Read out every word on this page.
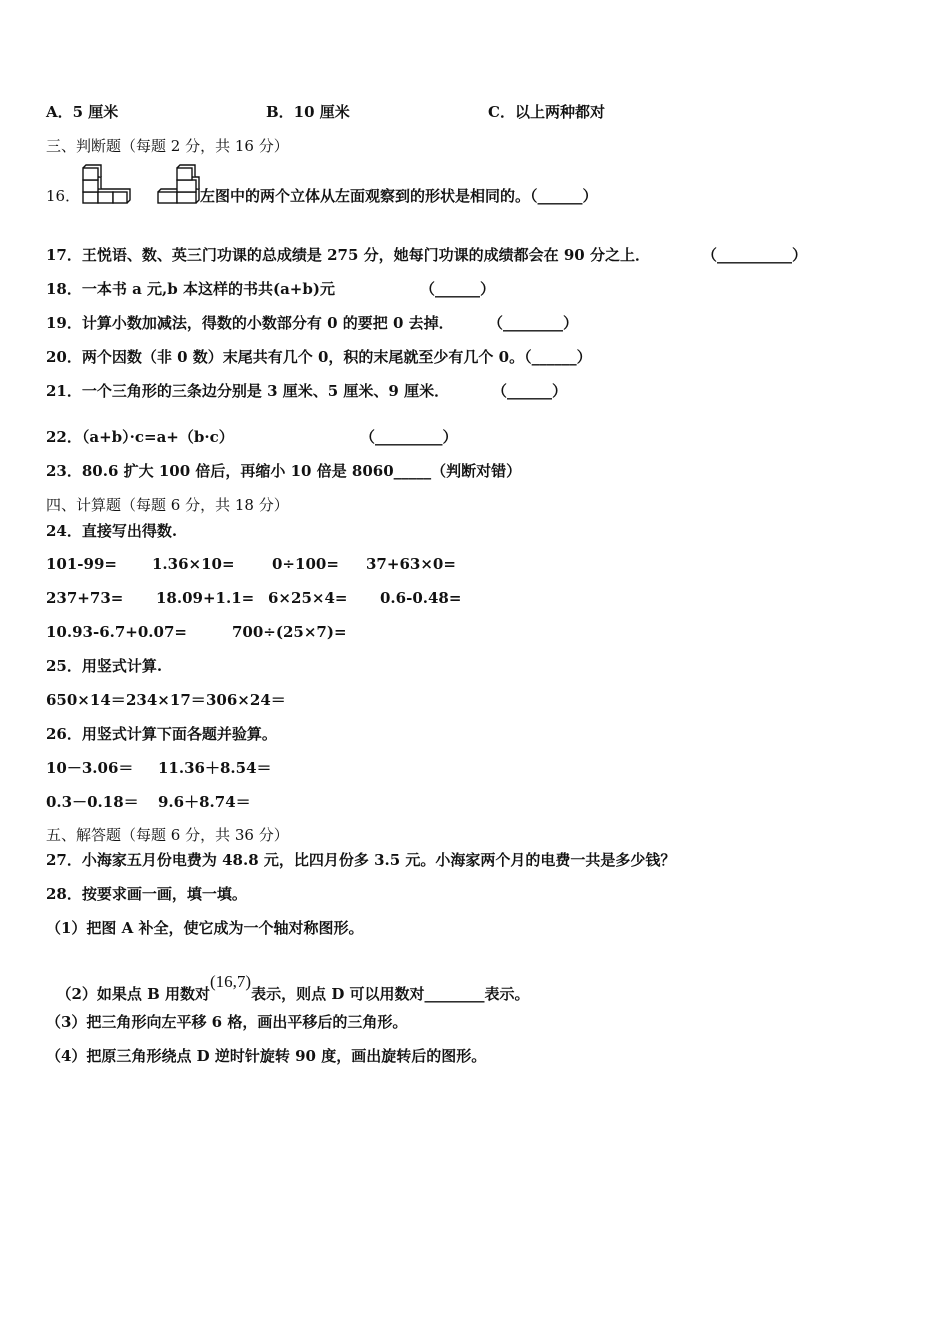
A．5 厘米	B．10 厘米	C．以上两种都对
三、判断题（每题 2 分，共 16 分）
16．	左图中的两个立体从左面观察到的形状是相同的。（______）
17．王悦语、数、英三门功课的总成绩是 275 分，她每门功课的成绩都会在 90 分之上．	（__________）
18．一本书 a 元,b 本这样的书共(a+b)元	（______）
19．计算小数加减法，得数的小数部分有 0 的要把 0 去掉． （________）
20．两个因数（非 0 数）末尾共有几个 0，积的末尾就至少有几个 0。（______）
21．一个三角形的三条边分别是 3 厘米、5 厘米、9 厘米．	（______）
22．（a+b）·c=a+（b·c）	（_________）
23．80.6 扩大 100 倍后，再缩小 10 倍是 8060_____（判断对错）
四、计算题（每题 6 分，共 18 分）
24．直接写出得数.
101-99= 1.36×10= 0÷100= 37+63×0=
237+73= 18.09+1.1= 6×25×4= 0.6-0.48=
10.93-6.7+0.07=	700÷(25×7)=
25．用竖式计算.
650×14＝ 234×17＝ 306×24＝
26．用竖式计算下面各题并验算。
10－3.06＝ 11.36＋8.54＝
0.3－0.18＝ 9.6＋8.74＝
五、解答题（每题 6 分，共 36 分）
27．小海家五月份电费为 48.8 元，比四月份多 3.5 元。小海家两个月的电费一共是多少钱？
28．按要求画一画，填一填。
（1）把图 A 补全，使它成为一个轴对称图形。

（2）如果点 B 用数对(16,7)表示，则点 D 可以用数对________表示。

（3）把三角形向左平移 6 格，画出平移后的三角形。
（4）把原三角形绕点 D 逆时针旋转 90 度，画出旋转后的图形。
